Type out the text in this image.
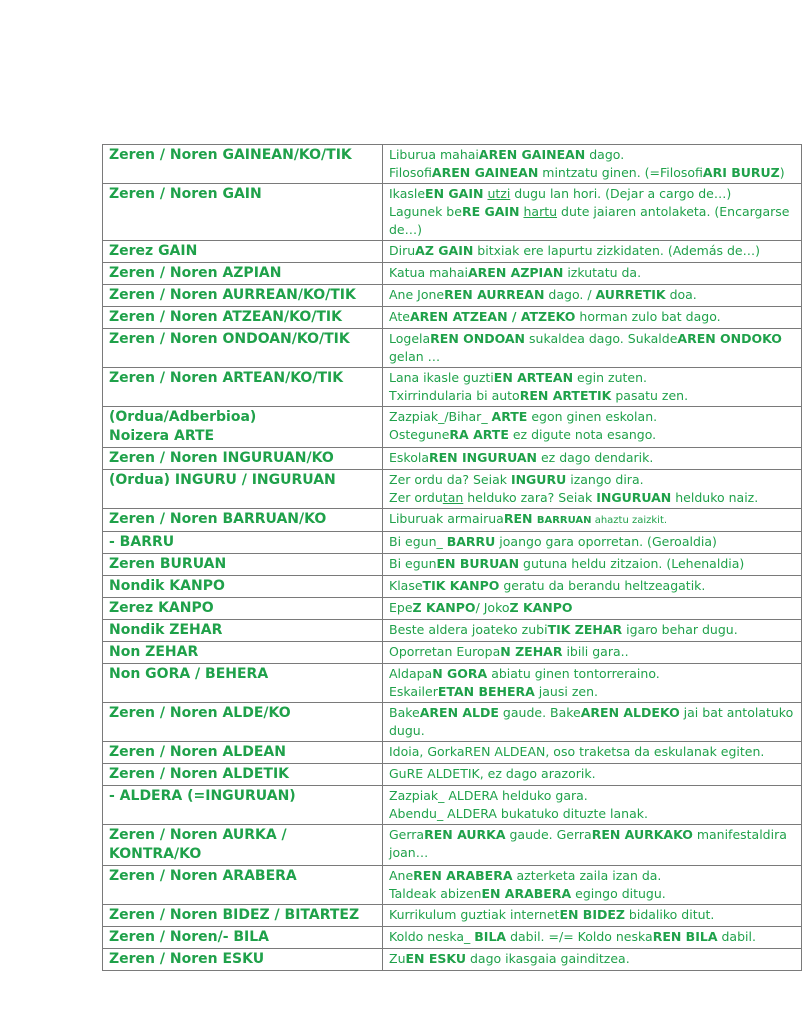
Zeren / Noren GAINEAN/KO/TIK	Liburua mahaiAREN GAINEAN dago.
FilosofiAREN GAINEAN mintzatu ginen. (=FilosofiARI BURUZ)

Zeren / Noren GAIN	IkasleEN GAIN utzi dugu lan hori. (Dejar a cargo de…)
Lagunek beRE GAIN hartu dute jaiaren antolaketa. (Encargarse
de…)

Zerez GAIN	DiruAZ GAIN bitxiak ere lapurtu zizkidaten. (Además de…)

Zeren / Noren AZPIAN	Katua mahaiAREN AZPIAN izkutatu da.

Zeren / Noren AURREAN/KO/TIK	Ane JoneREN AURREAN dago. / AURRETIK doa.

Zeren / Noren ATZEAN/KO/TIK	AteAREN ATZEAN / ATZEKO horman zulo bat dago.

Zeren / Noren ONDOAN/KO/TIK	LogelaREN ONDOAN sukaldea dago. SukaldeAREN ONDOKO
gelan …

Zeren / Noren ARTEAN/KO/TIK	Lana ikasle guztiEN ARTEAN egin zuten.
Txirrindularia bi autoREN ARTETIK pasatu zen.

(Ordua/Adberbioa)
Noizera ARTE	Zazpiak_/Bihar_ ARTE egon ginen eskolan.
OsteguneRA ARTE ez digute nota esango.

Zeren / Noren INGURUAN/KO	EskolaREN INGURUAN ez dago dendarik.

(Ordua) INGURU / INGURUAN	Zer ordu da? Seiak INGURU izango dira.
Zer ordutan helduko zara? Seiak INGURUAN helduko naiz.

Zeren / Noren BARRUAN/KO	Liburuak armairuaREN BARRUAN ahaztu zaizkit.

- BARRU	Bi egun_ BARRU joango gara oporretan. (Geroaldia)

Zeren BURUAN	Bi egunEN BURUAN gutuna heldu zitzaion. (Lehenaldia)

Nondik KANPO	KlaseTIK KANPO geratu da berandu heltzeagatik.

Zerez KANPO	EpeZ KANPO/ JokoZ KANPO

Nondik ZEHAR	Beste aldera joateko zubiTIK ZEHAR igaro behar dugu.

Non ZEHAR	Oporretan EuropaN ZEHAR ibili gara..

Non GORA / BEHERA	AldapaN GORA abiatu ginen tontorreraino.
EskailerETAN BEHERA jausi zen.

Zeren / Noren ALDE/KO	BakeAREN ALDE gaude. BakeAREN ALDEKO jai bat antolatuko
dugu.

Zeren / Noren ALDEAN	Idoia, GorkaREN ALDEAN, oso traketsa da eskulanak egiten.

Zeren / Noren ALDETIK	GuRE ALDETIK, ez dago arazorik.

- ALDERA (=INGURUAN)	Zazpiak_ ALDERA helduko gara.
Abendu_ ALDERA bukatuko dituzte lanak.

Zeren / Noren AURKA /
KONTRA/KO	GerraREN AURKA gaude. GerraREN AURKAKO manifestaldira
joan…

Zeren / Noren ARABERA	AneREN ARABERA azterketa zaila izan da.
Taldeak abizenEN ARABERA egingo ditugu.

Zeren / Noren BIDEZ / BITARTEZ	Kurrikulum guztiak internetEN BIDEZ bidaliko ditut.

Zeren / Noren/- BILA	Koldo neska_ BILA dabil. =/= Koldo neskaREN BILA dabil.

Zeren / Noren ESKU	ZuEN ESKU dago ikasgaia gainditzea.
